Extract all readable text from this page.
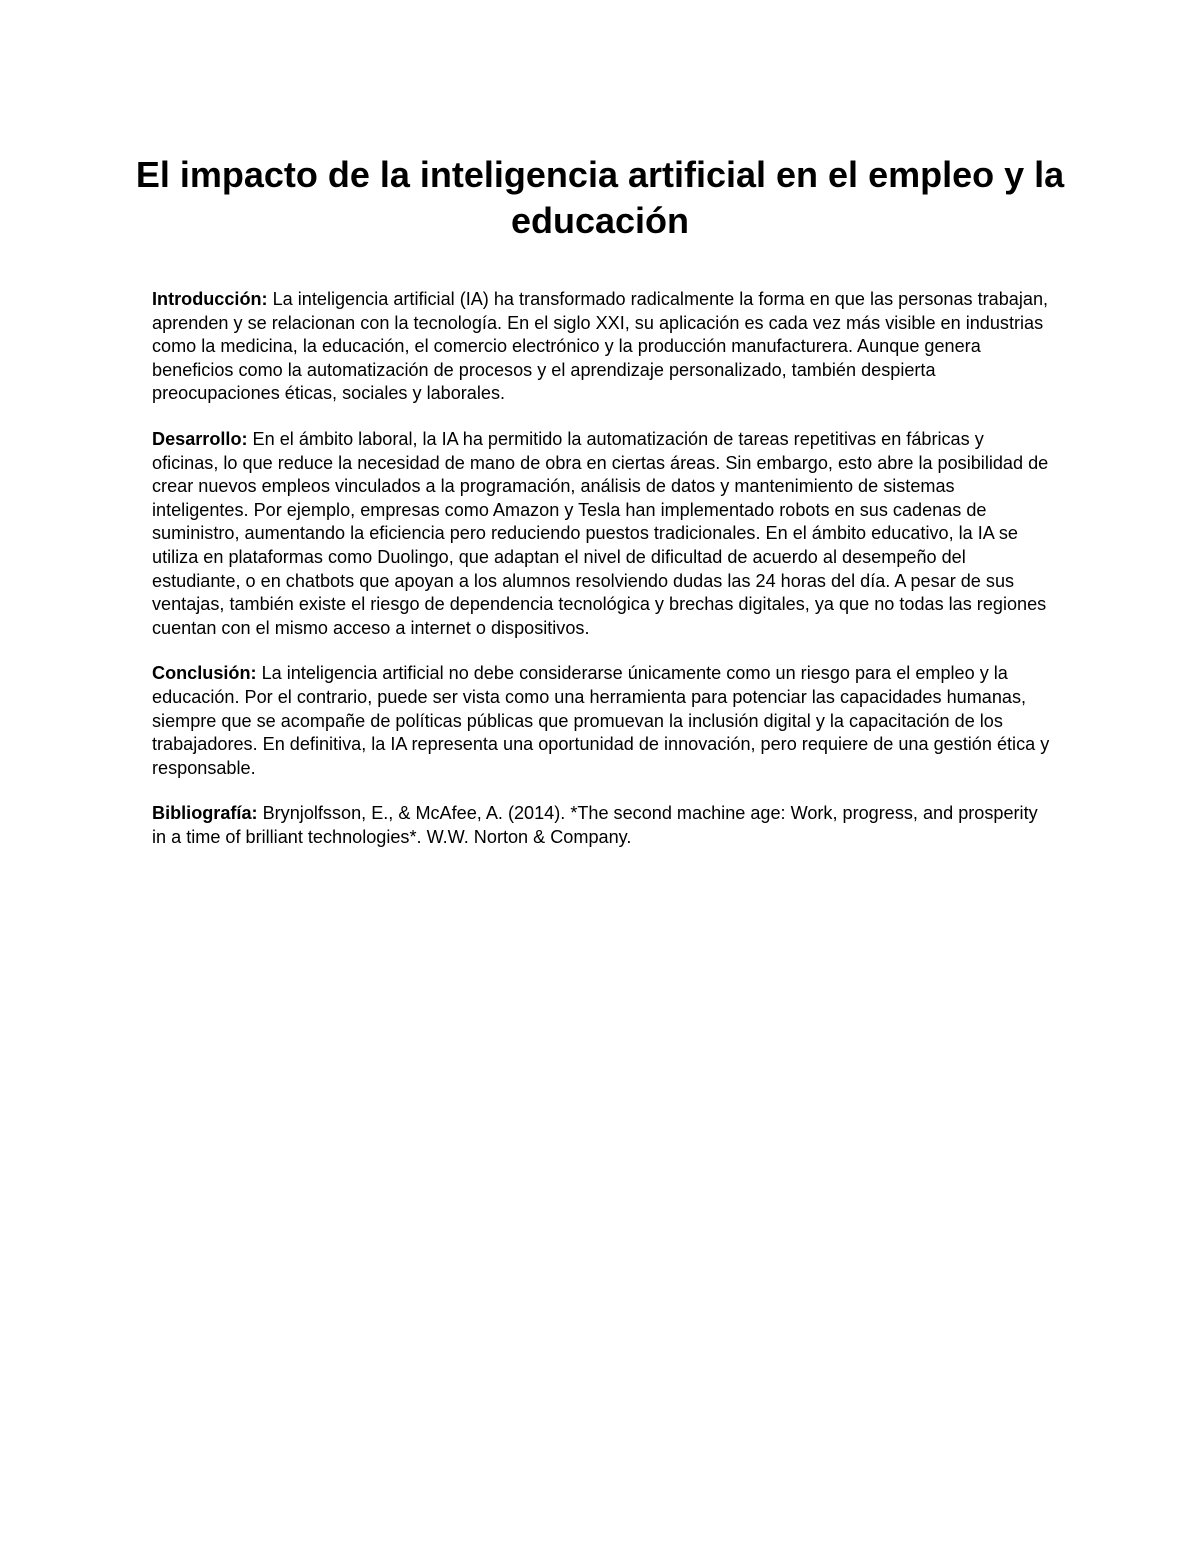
El impacto de la inteligencia artificial en el empleo y la educación

Introducción: La inteligencia artificial (IA) ha transformado radicalmente la forma en que las personas trabajan, aprenden y se relacionan con la tecnología. En el siglo XXI, su aplicación es cada vez más visible en industrias como la medicina, la educación, el comercio electrónico y la producción manufacturera. Aunque genera beneficios como la automatización de procesos y el aprendizaje personalizado, también despierta preocupaciones éticas, sociales y laborales.

Desarrollo: En el ámbito laboral, la IA ha permitido la automatización de tareas repetitivas en fábricas y oficinas, lo que reduce la necesidad de mano de obra en ciertas áreas. Sin embargo, esto abre la posibilidad de crear nuevos empleos vinculados a la programación, análisis de datos y mantenimiento de sistemas inteligentes. Por ejemplo, empresas como Amazon y Tesla han implementado robots en sus cadenas de suministro, aumentando la eficiencia pero reduciendo puestos tradicionales. En el ámbito educativo, la IA se utiliza en plataformas como Duolingo, que adaptan el nivel de dificultad de acuerdo al desempeño del estudiante, o en chatbots que apoyan a los alumnos resolviendo dudas las 24 horas del día. A pesar de sus ventajas, también existe el riesgo de dependencia tecnológica y brechas digitales, ya que no todas las regiones cuentan con el mismo acceso a internet o dispositivos.

Conclusión: La inteligencia artificial no debe considerarse únicamente como un riesgo para el empleo y la educación. Por el contrario, puede ser vista como una herramienta para potenciar las capacidades humanas, siempre que se acompañe de políticas públicas que promuevan la inclusión digital y la capacitación de los trabajadores. En definitiva, la IA representa una oportunidad de innovación, pero requiere de una gestión ética y responsable.

Bibliografía: Brynjolfsson, E., & McAfee, A. (2014). *The second machine age: Work, progress, and prosperity in a time of brilliant technologies*. W.W. Norton & Company.
